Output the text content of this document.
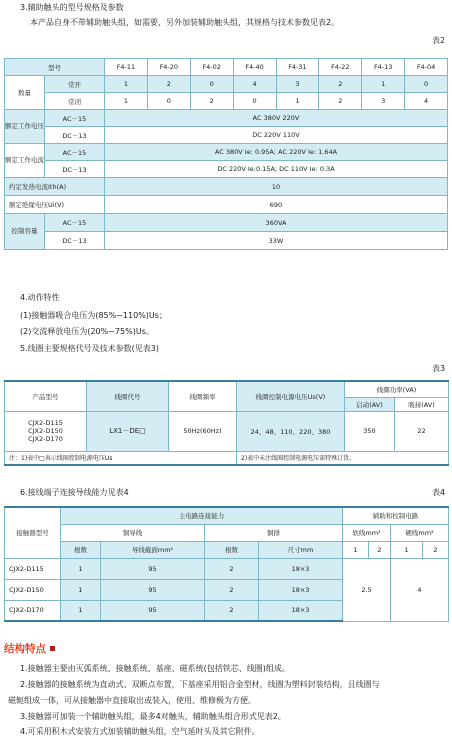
3.辅助触头的型号规格及参数
本产品自身不带辅助触头组，如需要，另外加装辅助触头组，其规格与技术参数见表2。
表2
型号		F4-11	F4-20	F4-02	F4-40	F4-31	F4-22	F4-13	F4-04
数量	常开	1	2	0	4	3	2	1	0
	常闭	1	0	2	0	1	2	3	4
额定工作电压	AC－15	AC 380V 220V							
	DC－13	DC 220V 110V							
额定工作电流	AC－15	AC 380V Ie: 0.95A; AC 220V Ie: 1.64A							
	DC－13	DC 220V Ie:0.15A; DC 110V Ie: 0.3A							
约定发热电流Ith(A)		10							
额定绝缘电压Ui(V)		690							
控制容量	AC－15	360VA							
	DC－13	33W							
4.动作特性
(1)接触器吸合电压为(85%~110%)Us；
(2)交流释放电压为(20%~75%)Us。
5.线圈主要规格代号及技术参数(见表3)
表3
产品型号	线圈代号	线圈频率	线圈控制电源电压Us(V)	线圈功率(VA)	
				启动(AV)	吸持(AV)

CJX2-D115
CJX2-D150
CJX2-D170	LX1－DE□	50Hz(60Hz)	24、48、110、220、380	350	22
注：1)表中□表示线圈控制电源电压Us			2)表中未注线圈控制电源电压需特殊订货。		
6.接线端子连接导线能力见表4	表4
接触器型号	主电路连接能力				辅助和控制电路			
	铜导线		铜排		软线mm²		硬线mm²	
	根数	导线截面mm²	根数	尺寸mm	1	2	1	2
CJX2-D115	1	95	2	18×3	2.5		4	
CJX2-D150	1	95	2	18×3				
CJX2-D170	1	95	2	18×3				
结构特点
1.接触器主要由灭弧系统、接触系统、基座、磁系统(包括铁芯、线圈)组成。
2.接触器的接触系统为直动式、双断点布置，下基座采用铝合金型材，线圈为塑料封装结构，且线圈与
磁轭组成一体，可从接触器中直接取出或装入，使用、维修极为方便。
3.接触器可加装一个辅助触头组，最多4对触头，辅助触头组合形式见表2。
4.可采用积木式安装方式加装辅助触头组，空气延时头及其它附件。
